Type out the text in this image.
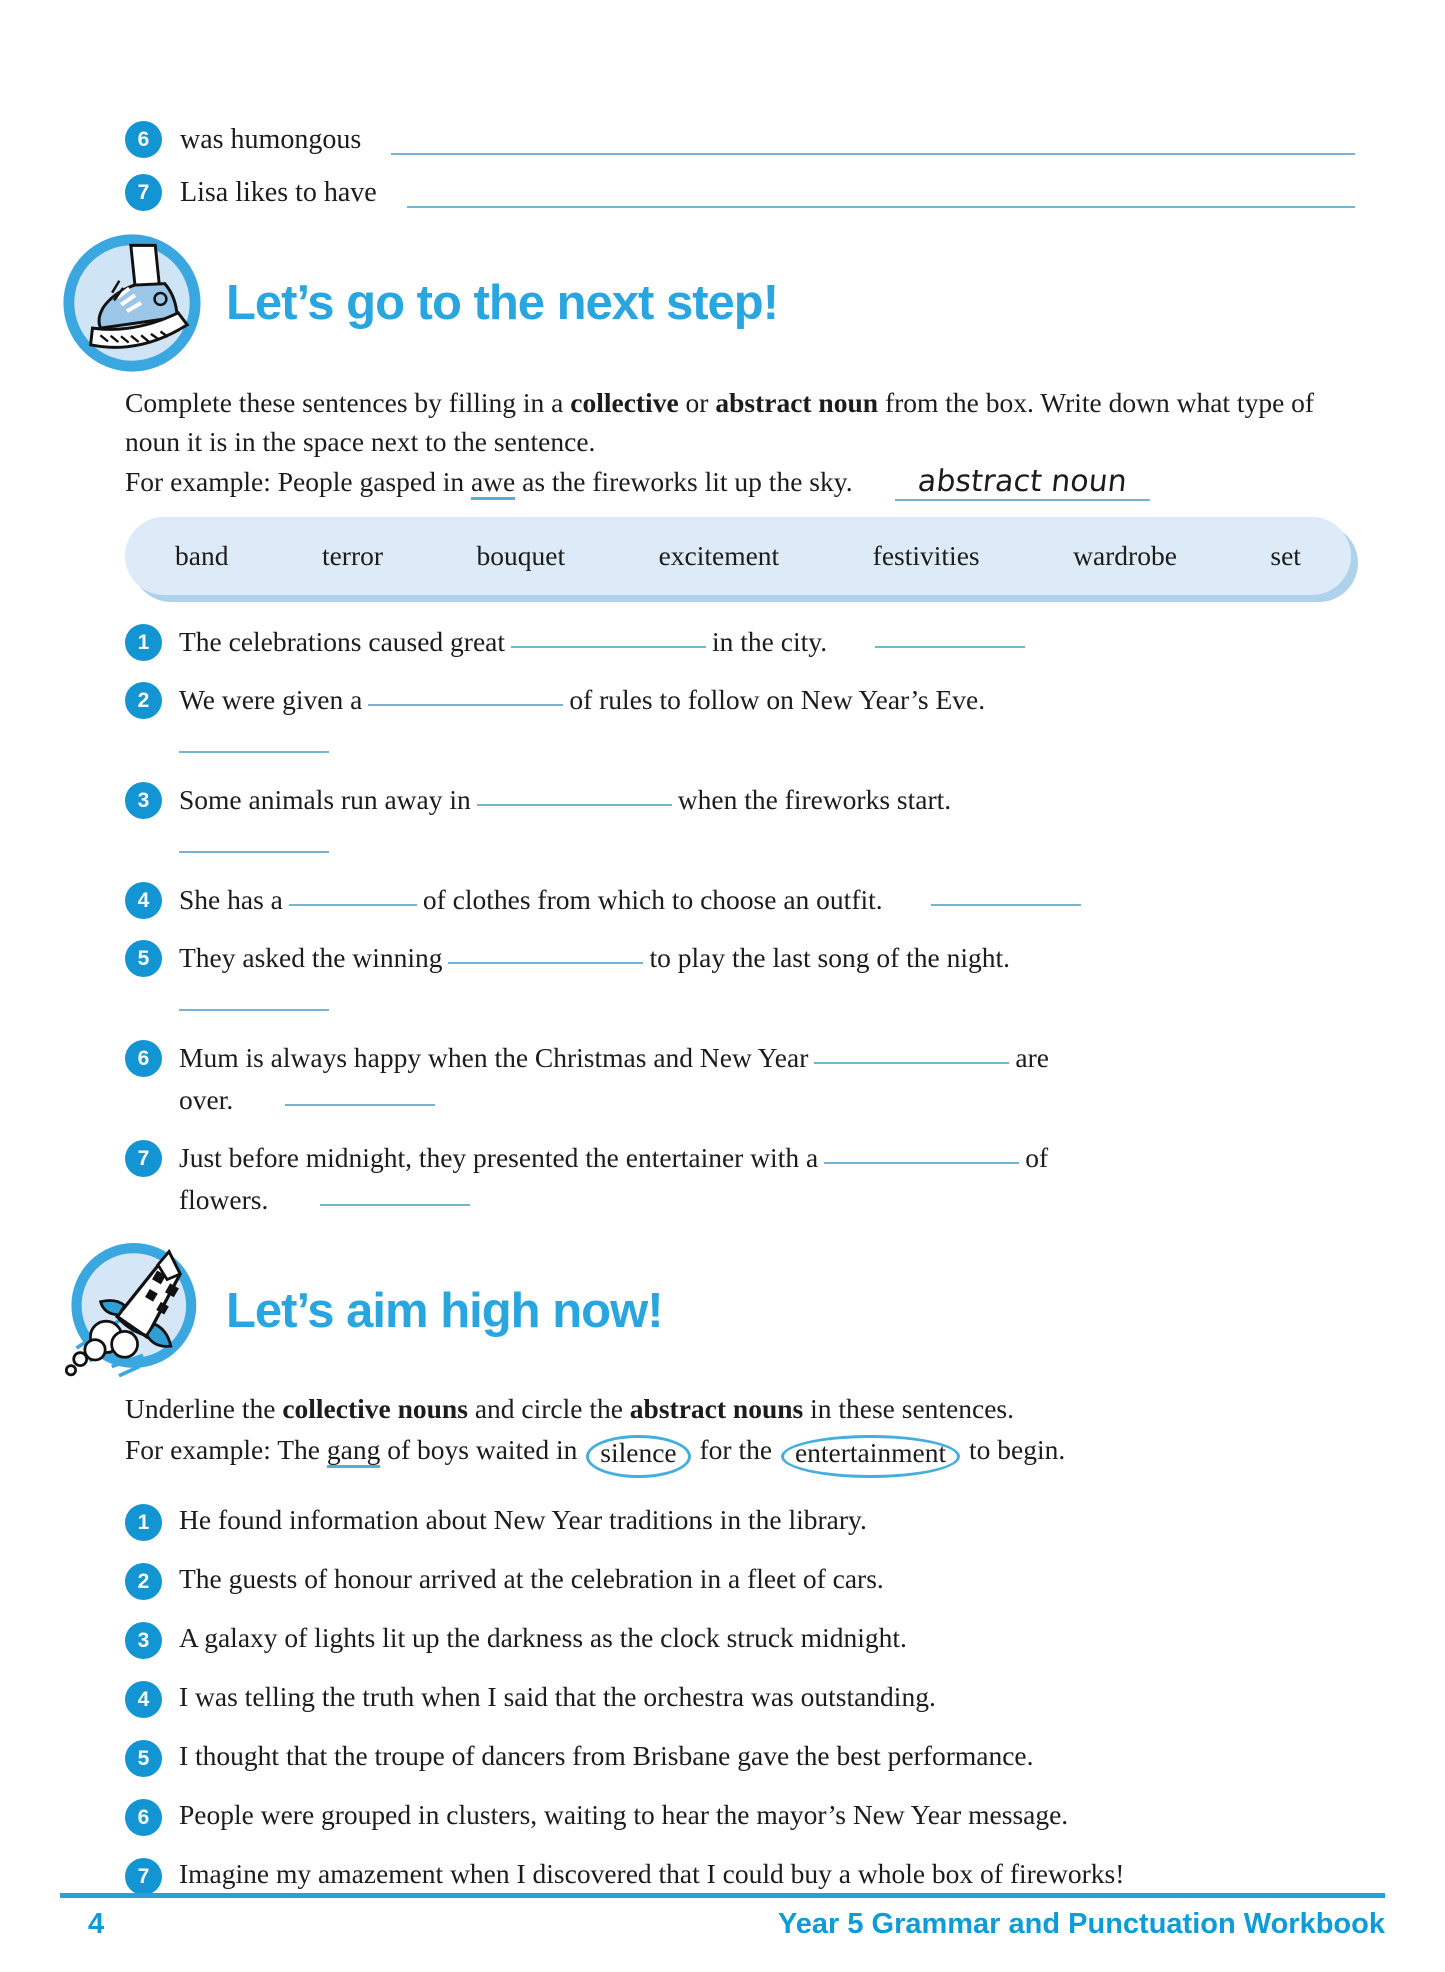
6	was humongous
7	Lisa likes to have
Let’s go to the next step!
Complete these sentences by filling in a collective or abstract noun from the box. Write down what type of noun it is in the space next to the sentence.
For example: People gasped in awe as the fireworks lit up the sky. abstract noun
band	terror	bouquet	excitement	festivities	wardrobe	set
1	The celebrations caused great	in the city.
2	We were given a	of rules to follow on New Year’s Eve.
3	Some animals run away in	when the fireworks start.
4	She has a	of clothes from which to choose an outfit.
5	They asked the winning	to play the last song of the night.
6	Mum is always happy when the Christmas and New Year	are
over.
7	Just before midnight, they presented the entertainer with a	of
flowers.
Let’s aim high now!
Underline the collective nouns and circle the abstract nouns in these sentences.
For example: The gang of boys waited in silence for the entertainment to begin.
1	He found information about New Year traditions in the library.
2	The guests of honour arrived at the celebration in a fleet of cars.
3	A galaxy of lights lit up the darkness as the clock struck midnight.
4	I was telling the truth when I said that the orchestra was outstanding.
5	I thought that the troupe of dancers from Brisbane gave the best performance.
6	People were grouped in clusters, waiting to hear the mayor’s New Year message.
7	Imagine my amazement when I discovered that I could buy a whole box of fireworks!
4	Year 5 Grammar and Punctuation Workbook
